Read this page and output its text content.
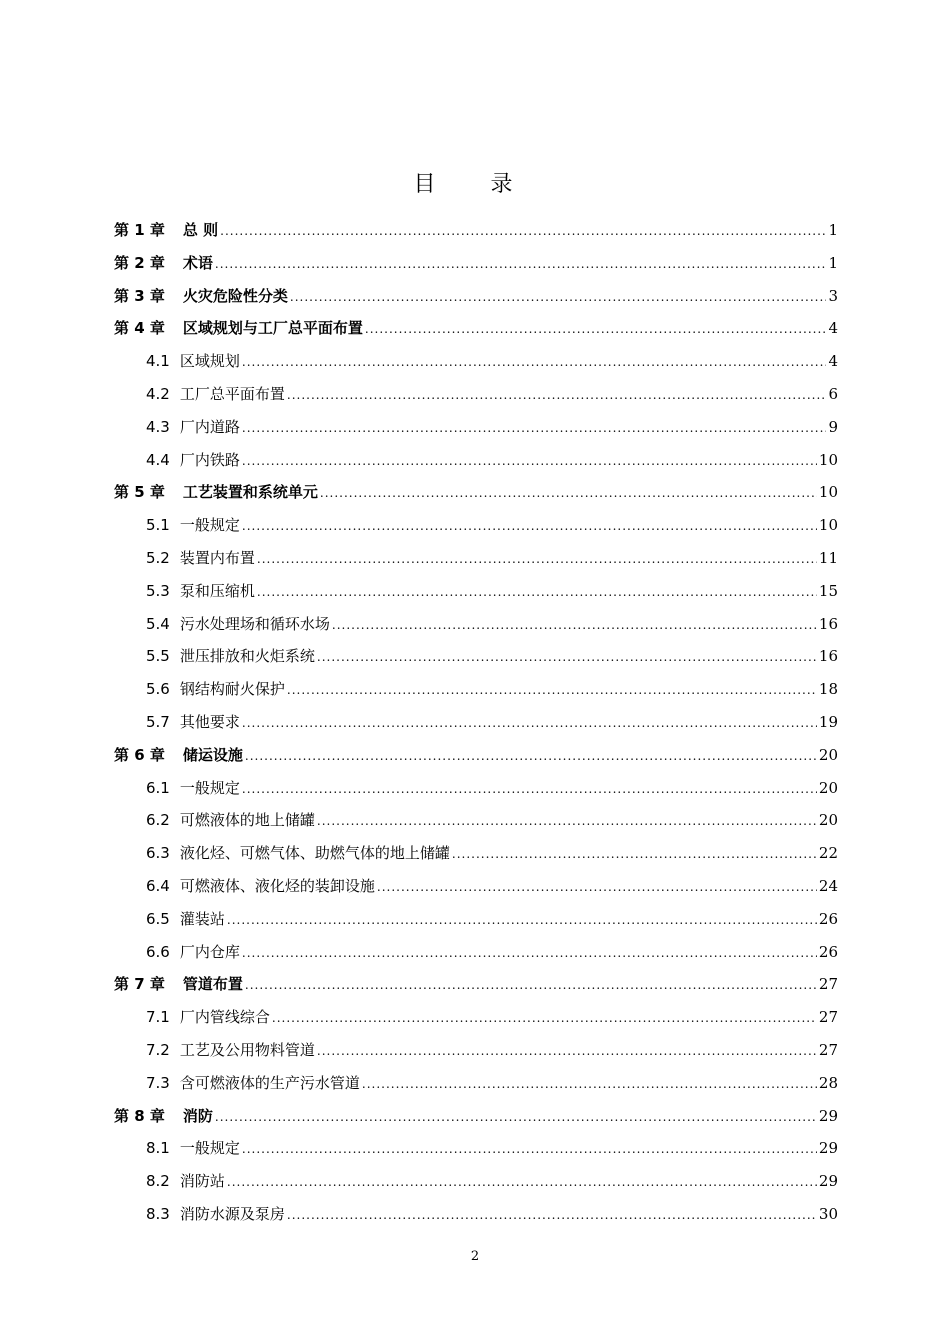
目 录
第 1 章 总 则 .....	1
第 2 章 术语 .....	1
第 3 章 火灾危险性分类 .....	3
第 4 章 区域规划与工厂总平面布置 .....	4
4.1 区域规划 .....	4
4.2 工厂总平面布置 .....	6
4.3 厂内道路 .....	9
4.4 厂内铁路 .....	10
第 5 章 工艺装置和系统单元 .....	10
5.1 一般规定 .....	10
5.2 装置内布置 .....	11
5.3 泵和压缩机 .....	15
5.4 污水处理场和循环水场 .....	16
5.5 泄压排放和火炬系统 .....	16
5.6 钢结构耐火保护 .....	18
5.7 其他要求 .....	19
第 6 章 储运设施 .....	20
6.1 一般规定 .....	20
6.2 可燃液体的地上储罐 .....	20
6.3 液化烃、可燃气体、助燃气体的地上储罐 .....	22
6.4 可燃液体、液化烃的装卸设施 .....	24
6.5 灌装站 .....	26
6.6 厂内仓库 .....	26
第 7 章 管道布置 .....	27
7.1 厂内管线综合 .....	27
7.2 工艺及公用物料管道 .....	27
7.3 含可燃液体的生产污水管道 .....	28
第 8 章 消防 .....	29
8.1 一般规定 .....	29
8.2 消防站 .....	29
8.3 消防水源及泵房 .....	30
2
